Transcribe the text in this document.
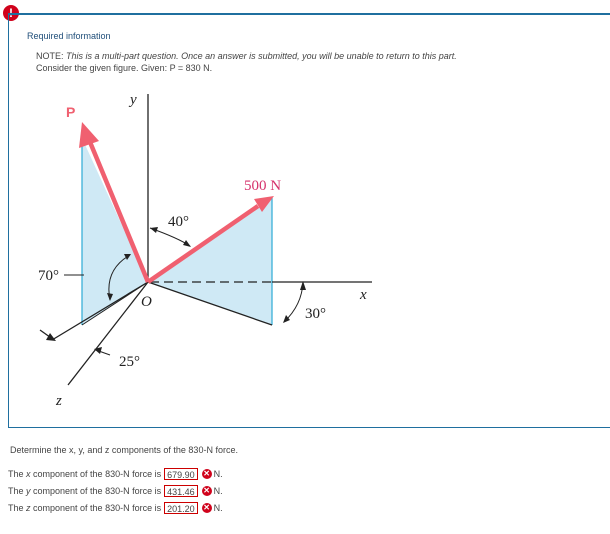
Required information
NOTE: This is a multi-part question. Once an answer is submitted, you will be unable to return to this part.
Consider the given figure. Given: P = 830 N.
P
y
x
z
O
500 N
40°
70°
25°
30°
Determine the x, y, and z components of the 830-N force.
The x component of the 830-N force is 679.90	✕ N.
The y component of the 830-N force is 431.46	✕ N.
The z component of the 830-N force is 201.20	✕ N.
